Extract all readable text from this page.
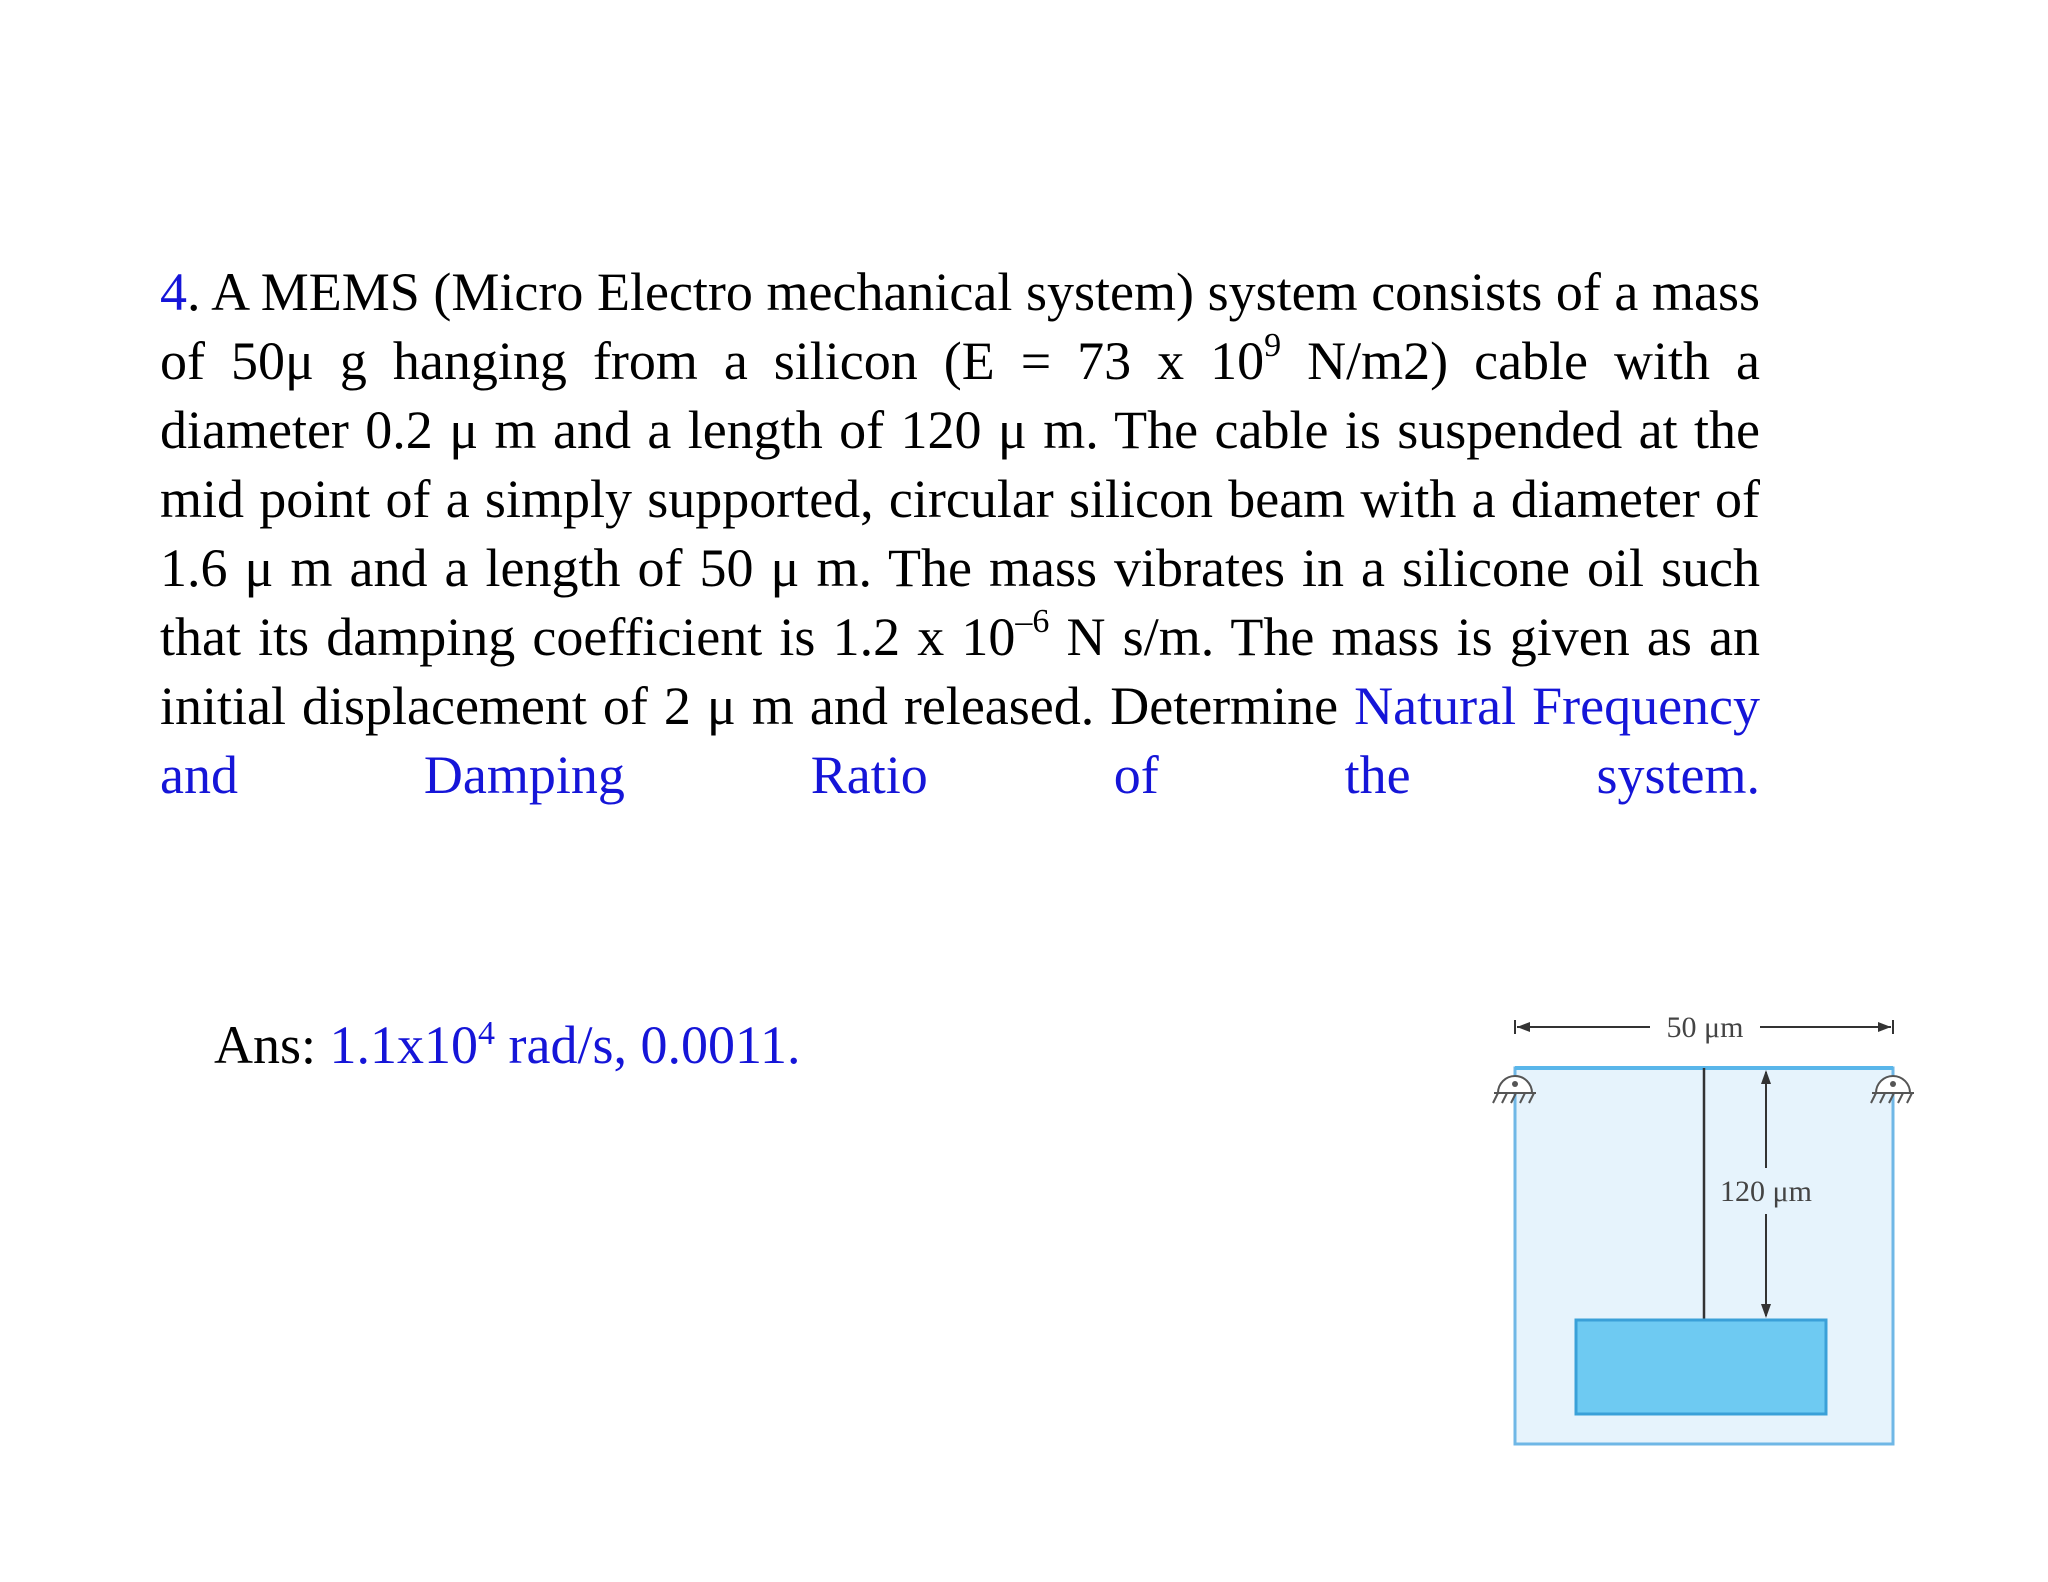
4. A MEMS (Micro Electro mechanical system) system consists of a mass of 50μ g hanging from a silicon (E = 73 x $10^9$ N/m2) cable with a diameter 0.2 μ m and a length of 120 μ m. The cable is suspended at the mid point of a simply supported, circular silicon beam with a diameter of 1.6 μ m and a length of 50 μ m. The mass vibrates in a silicone oil such that its damping coefficient is 1.2 x $10^{-6}$ N s/m. The mass is given as an initial displacement of 2 μ m and released. Determine Natural Frequency and Damping Ratio of the system.
Ans: $1.1x10^4$ rad/s, 0.0011.	50 μm
120 μm
